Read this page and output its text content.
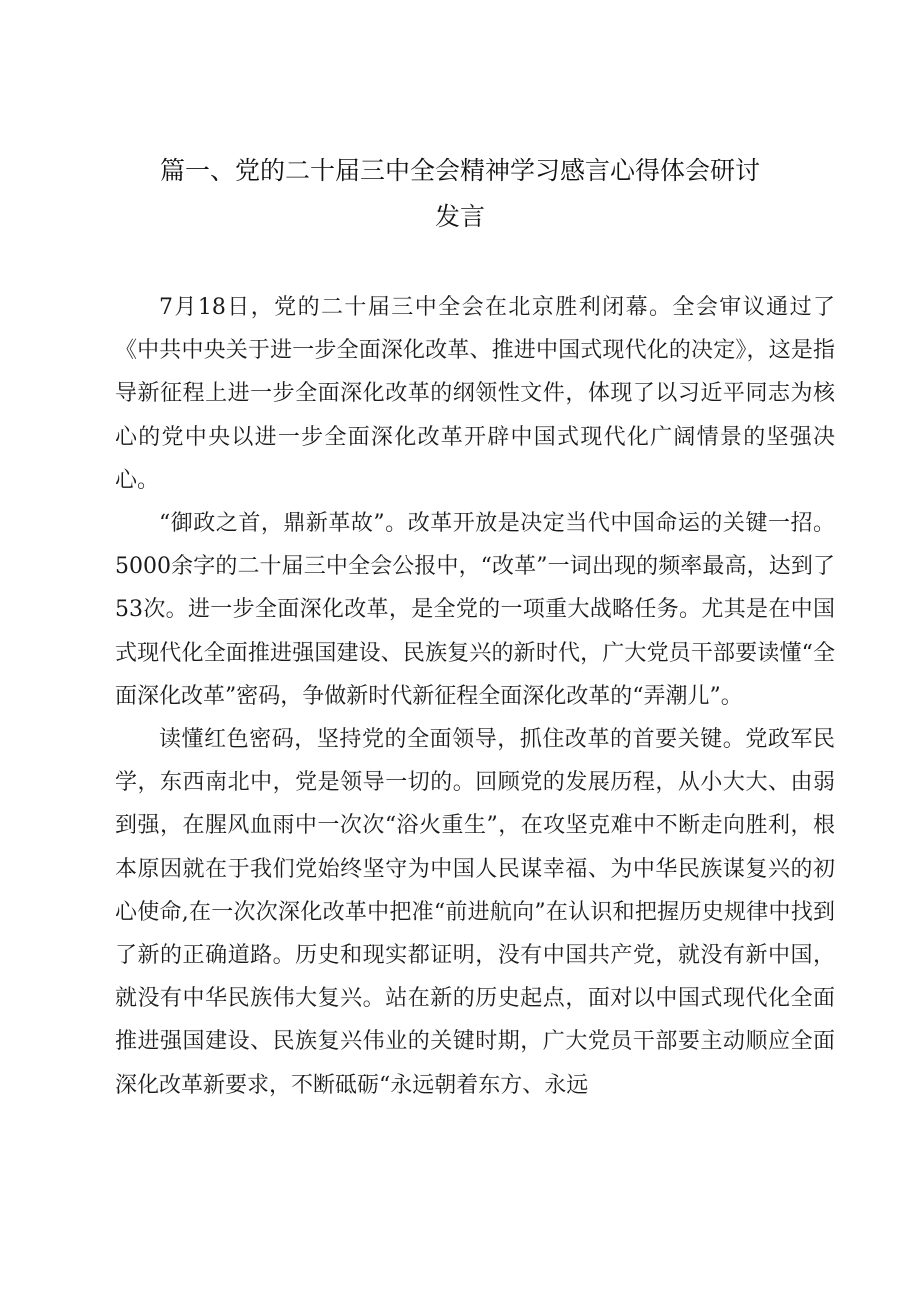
篇一、党的二十届三中全会精神学习感言心得体会研讨发言

7月18日，党的二十届三中全会在北京胜利闭幕。全会审议通过了《中共中央关于进一步全面深化改革、推进中国式现代化的决定》，这是指导新征程上进一步全面深化改革的纲领性文件，体现了以习近平同志为核心的党中央以进一步全面深化改革开辟中国式现代化广阔情景的坚强决心。

“御政之首，鼎新革故”。改革开放是决定当代中国命运的关键一招。5000余字的二十届三中全会公报中，“改革”一词出现的频率最高，达到了53次。进一步全面深化改革，是全党的一项重大战略任务。尤其是在中国式现代化全面推进强国建设、民族复兴的新时代，广大党员干部要读懂“全面深化改革”密码，争做新时代新征程全面深化改革的“弄潮儿”。

读懂红色密码，坚持党的全面领导，抓住改革的首要关键。党政军民学，东西南北中，党是领导一切的。回顾党的发展历程，从小大大、由弱到强，在腥风血雨中一次次“浴火重生”，在攻坚克难中不断走向胜利，根本原因就在于我们党始终坚守为中国人民谋幸福、为中华民族谋复兴的初心使命,在一次次深化改革中把准“前进航向”在认识和把握历史规律中找到了新的正确道路。历史和现实都证明，没有中国共产党，就没有新中国，就没有中华民族伟大复兴。站在新的历史起点，面对以中国式现代化全面推进强国建设、民族复兴伟业的关键时期，广大党员干部要主动顺应全面深化改革新要求，不断砥砺“永远朝着东方、永远
